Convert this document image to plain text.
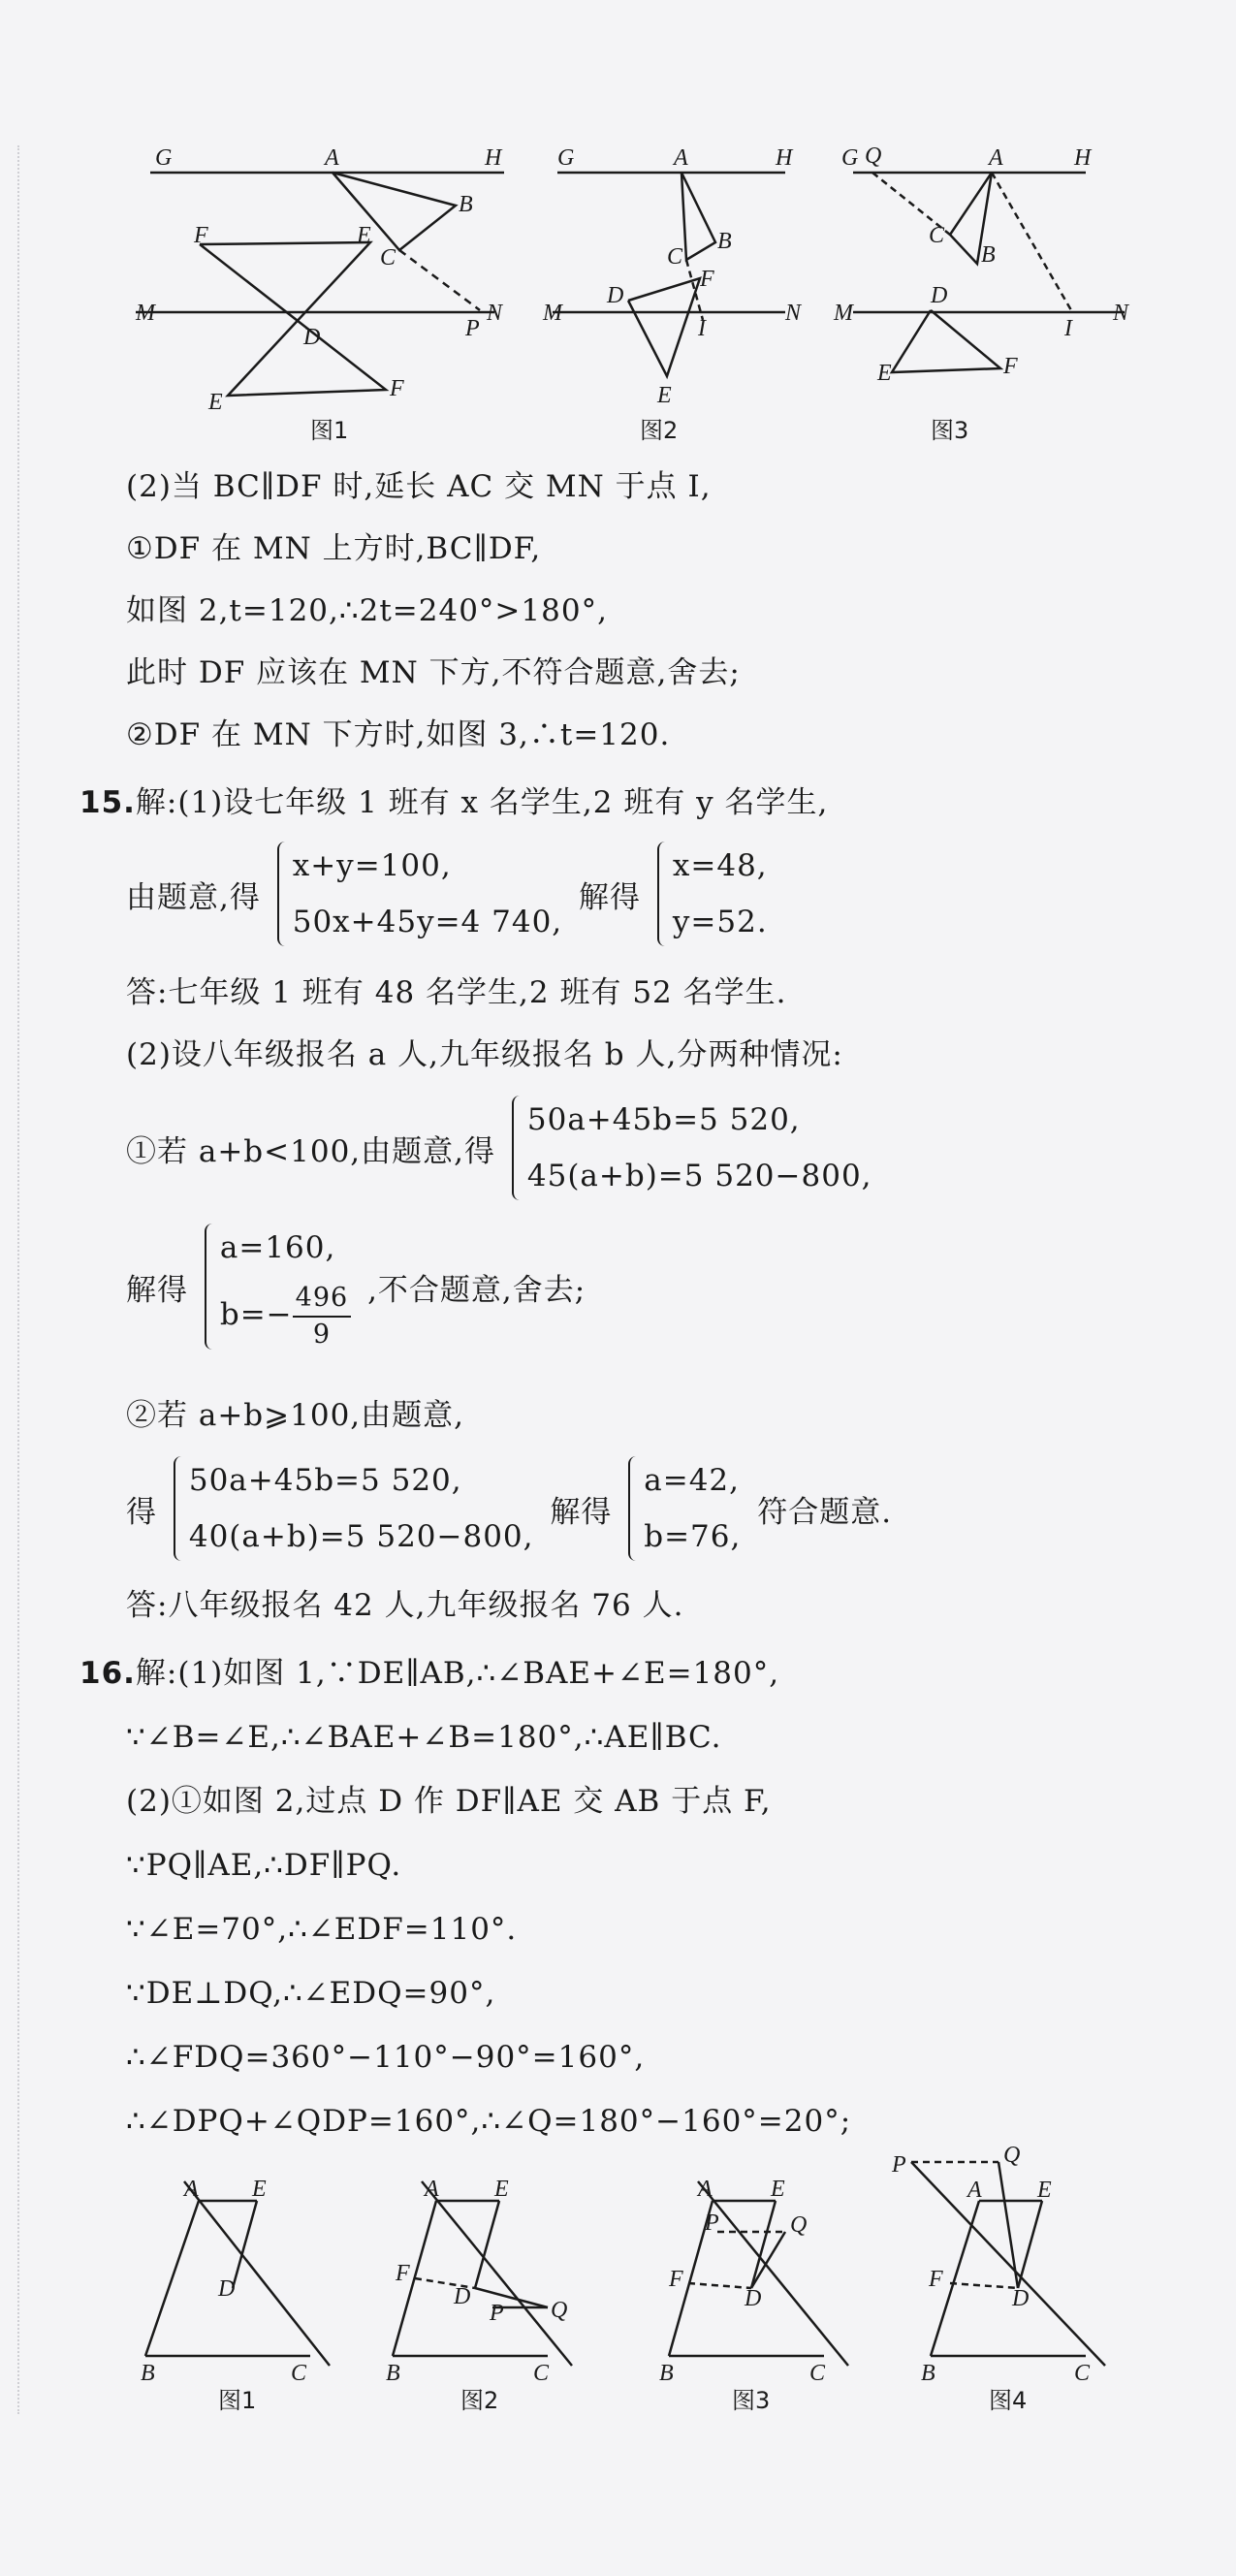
G	A	H
B
F	E
C
M
D	P
N
E
F
图1
G	A	H
B
C
D
F
M
I
N
E
图2
G Q	A	H
C
B
M
D
I
N
E	F
图3
(2)当 BC∥DF 时,延长 AC 交 MN 于点 I,
①DF 在 MN 上方时,BC∥DF,
如图 2,t=120,∴2t=240°>180°,
此时 DF 应该在 MN 下方,不符合题意,舍去;
②DF 在 MN 下方时,如图 3,∴t=120.
15.解:(1)设七年级 1 班有 x 名学生,2 班有 y 名学生,
由题意,得
x+y=100,
50x+45y=4 740,
解得
x=48,
y=52.
答:七年级 1 班有 48 名学生,2 班有 52 名学生.
(2)设八年级报名 a 人,九年级报名 b 人,分两种情况:
①若 a+b<100,由题意,得
50a+45b=5 520,
45(a+b)=5 520−800,
解得
a=160,
$b=- \frac{496}{9}$ ,不合题意,舍去;
②若 a+b⩾100,由题意,
得
50a+45b=5 520,
40(a+b)=5 520−800,
解得
a=42,
b=76,
符合题意.
答:八年级报名 42 人,九年级报名 76 人.
16.解:(1)如图 1,∵DE∥AB,∴∠BAE+∠E=180°,
∵∠B=∠E,∴∠BAE+∠B=180°,∴AE∥BC.
(2)①如图 2,过点 D 作 DF∥AE 交 AB 于点 F,
∵PQ∥AE,∴DF∥PQ.
∵∠E=70°,∴∠EDF=110°.
∵DE⊥DQ,∴∠EDQ=90°,
∴∠FDQ=360°−110°−90°=160°,
∴∠DPQ+∠QDP=160°,∴∠Q=180°−160°=20°;
A E
D
B	C
图1
A E
F
D
P Q
B	C
图2
A	E
P	Q
F
D
B	C
图3
P	Q
A E
F
D
B	C
图4
